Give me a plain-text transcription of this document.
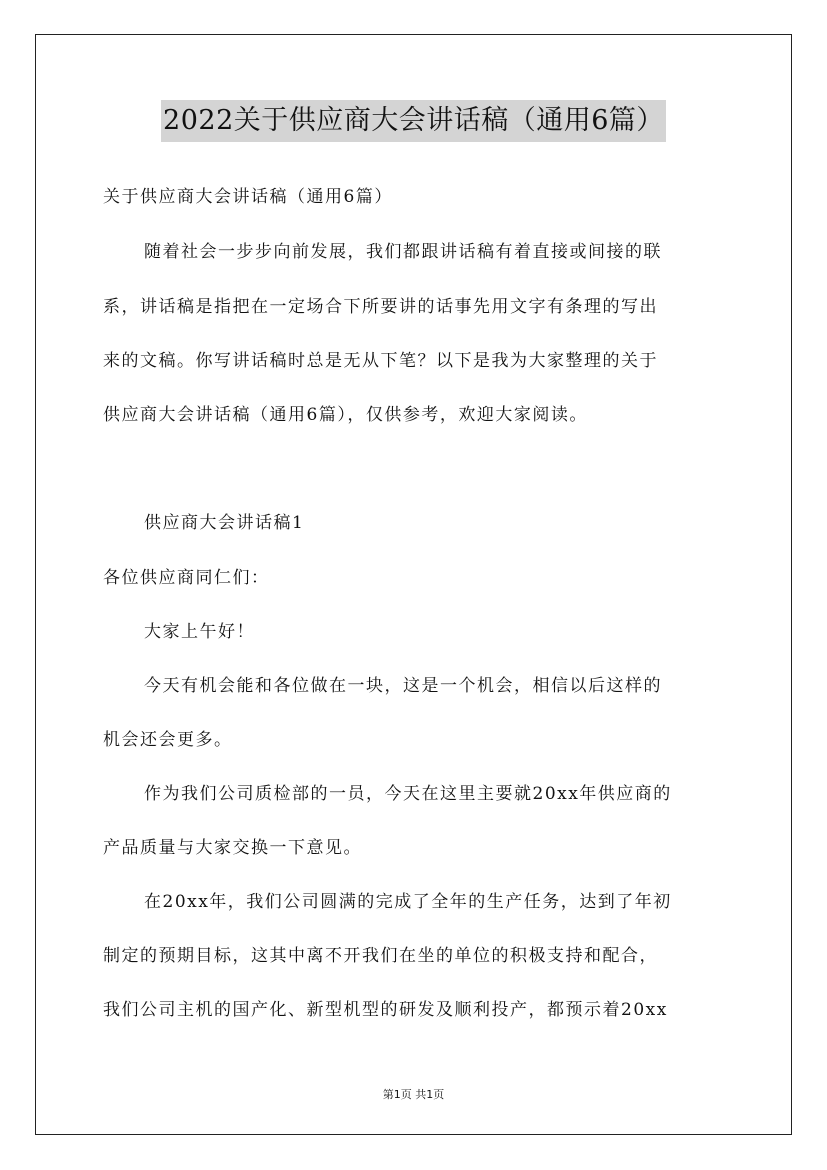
2022关于供应商大会讲话稿（通用6篇）
关于供应商大会讲话稿（通用6篇）
随着社会一步步向前发展，我们都跟讲话稿有着直接或间接的联
系，讲话稿是指把在一定场合下所要讲的话事先用文字有条理的写出
来的文稿。你写讲话稿时总是无从下笔？以下是我为大家整理的关于
供应商大会讲话稿（通用6篇），仅供参考，欢迎大家阅读。
供应商大会讲话稿1
各位供应商同仁们：
大家上午好！
今天有机会能和各位做在一块，这是一个机会，相信以后这样的
机会还会更多。
作为我们公司质检部的一员，今天在这里主要就20xx年供应商的
产品质量与大家交换一下意见。
在20xx年，我们公司圆满的完成了全年的生产任务，达到了年初
制定的预期目标，这其中离不开我们在坐的单位的积极支持和配合，
我们公司主机的国产化、新型机型的研发及顺利投产，都预示着20xx
第1页 共1页
